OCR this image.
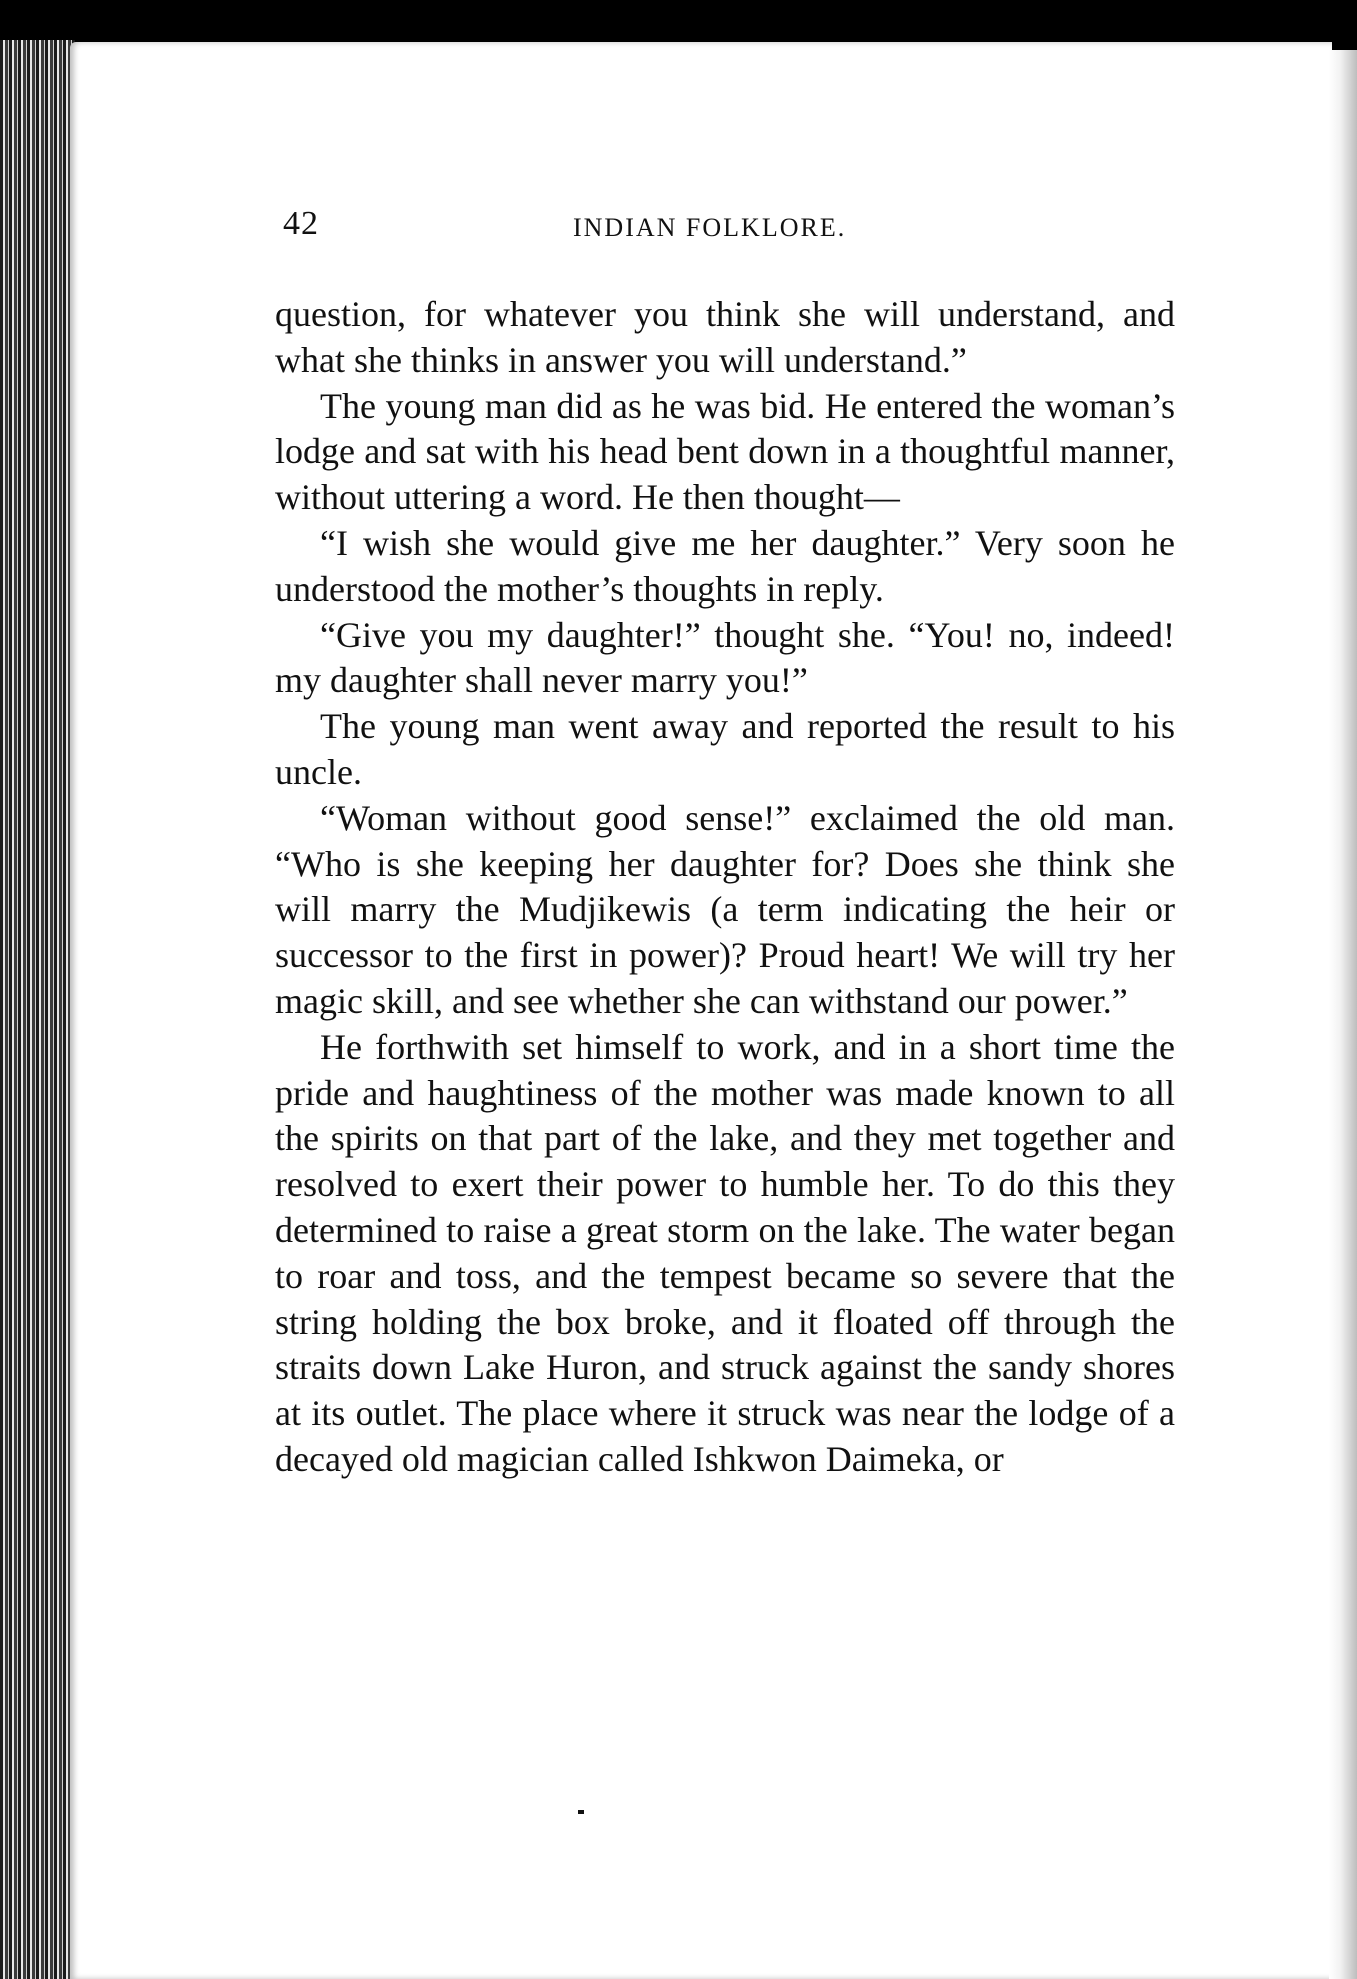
42	INDIAN FOLKLORE.

question, for whatever you think she will understand, and what she thinks in answer you will understand.”

The young man did as he was bid. He entered the woman’s lodge and sat with his head bent down in a thoughtful manner, without uttering a word. He then thought—

“I wish she would give me her daughter.” Very soon he understood the mother’s thoughts in reply.

“Give you my daughter!” thought she. “You! no, indeed! my daughter shall never marry you!”

The young man went away and reported the result to his uncle.

“Woman without good sense!” exclaimed the old man. “Who is she keeping her daughter for? Does she think she will marry the Mudjikewis (a term indicating the heir or successor to the first in power)? Proud heart! We will try her magic skill, and see whether she can withstand our power.”

He forthwith set himself to work, and in a short time the pride and haughtiness of the mother was made known to all the spirits on that part of the lake, and they met together and resolved to exert their power to humble her. To do this they determined to raise a great storm on the lake. The water began to roar and toss, and the tempest became so severe that the string holding the box broke, and it floated off through the straits down Lake Huron, and struck against the sandy shores at its outlet. The place where it struck was near the lodge of a decayed old magician called Ishkwon Daimeka, or
